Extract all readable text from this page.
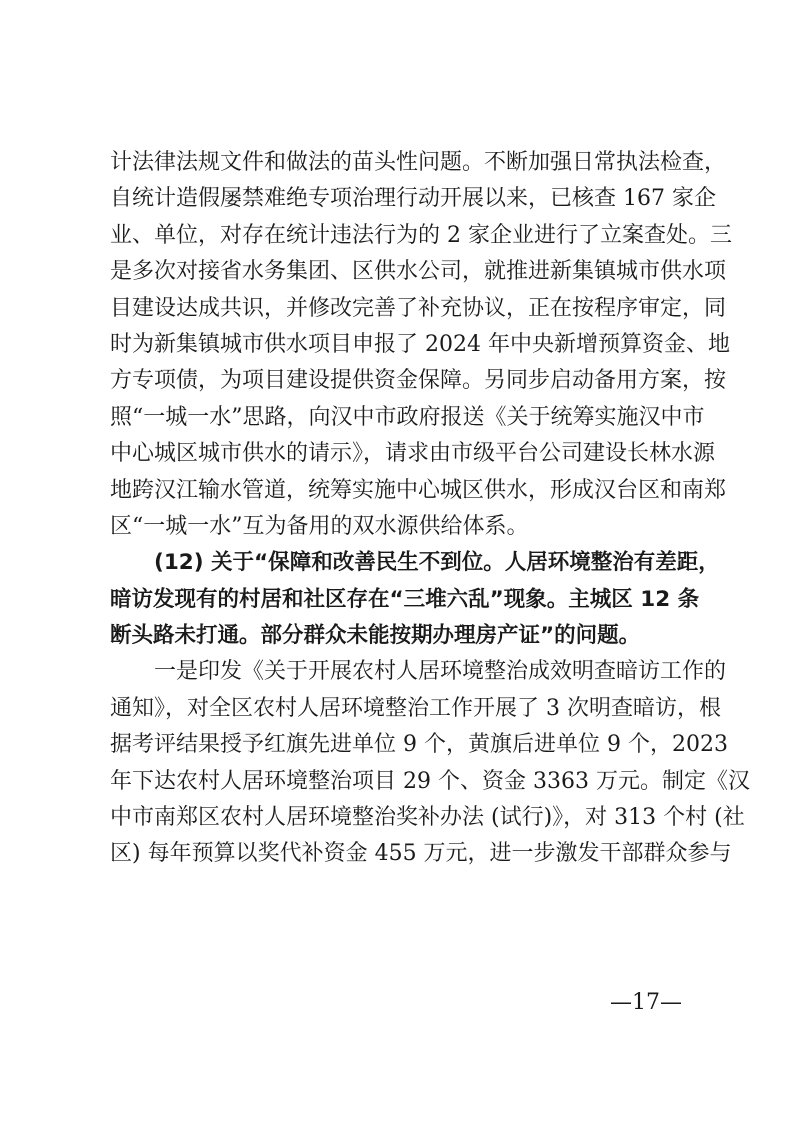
计法律法规文件和做法的苗头性问题。不断加强日常执法检查，
自统计造假屡禁难绝专项治理行动开展以来，已核查 167 家企
业、单位，对存在统计违法行为的 2 家企业进行了立案查处。三
是多次对接省水务集团、区供水公司，就推进新集镇城市供水项
目建设达成共识，并修改完善了补充协议，正在按程序审定，同
时为新集镇城市供水项目申报了 2024 年中央新增预算资金、地
方专项债，为项目建设提供资金保障。另同步启动备用方案，按
照“一城一水”思路，向汉中市政府报送《关于统筹实施汉中市
中心城区城市供水的请示》，请求由市级平台公司建设长林水源
地跨汉江输水管道，统筹实施中心城区供水，形成汉台区和南郑
区“一城一水”互为备用的双水源供给体系。
(12) 关于“保障和改善民生不到位。人居环境整治有差距，
暗访发现有的村居和社区存在“三堆六乱”现象。主城区 12 条
断头路未打通。部分群众未能按期办理房产证”的问题。
一是印发《关于开展农村人居环境整治成效明查暗访工作的
通知》，对全区农村人居环境整治工作开展了 3 次明查暗访，根
据考评结果授予红旗先进单位 9 个，黄旗后进单位 9 个，2023
年下达农村人居环境整治项目 29 个、资金 3363 万元。制定《汉
中市南郑区农村人居环境整治奖补办法 (试行)》，对 313 个村 (社
区) 每年预算以奖代补资金 455 万元，进一步激发干部群众参与
—17—
